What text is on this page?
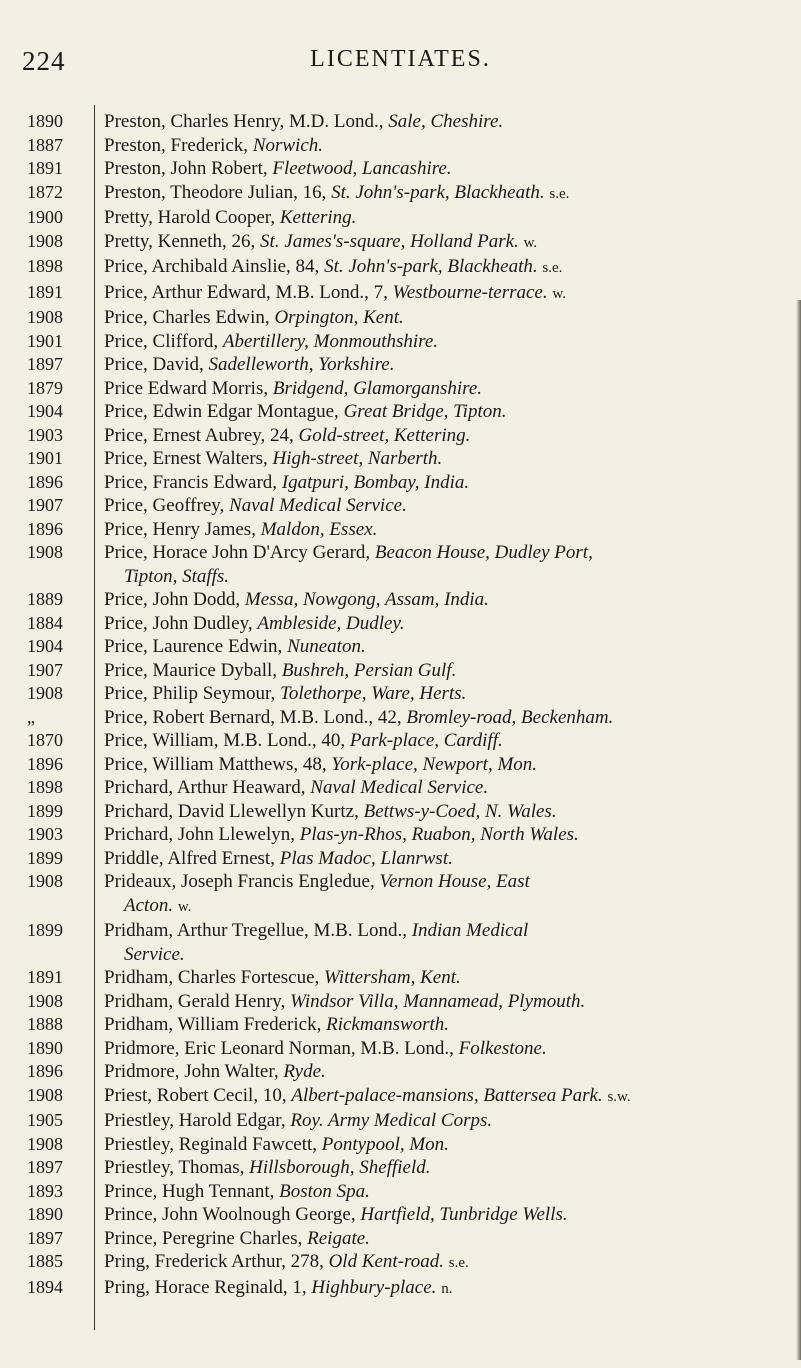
224	LICENTIATES.
1890	Preston, Charles Henry, M.D. Lond., Sale, Cheshire.
1887	Preston, Frederick, Norwich.
1891	Preston, John Robert, Fleetwood, Lancashire.
1872	Preston, Theodore Julian, 16, St. John's-park, Blackheath. s.e.
1900	Pretty, Harold Cooper, Kettering.
1908	Pretty, Kenneth, 26, St. James's-square, Holland Park. w.
1898	Price, Archibald Ainslie, 84, St. John's-park, Blackheath. s.e.
1891	Price, Arthur Edward, M.B. Lond., 7, Westbourne-terrace. w.
1908	Price, Charles Edwin, Orpington, Kent.
1901	Price, Clifford, Abertillery, Monmouthshire.
1897	Price, David, Sadelleworth, Yorkshire.
1879	Price Edward Morris, Bridgend, Glamorganshire.
1904	Price, Edwin Edgar Montague, Great Bridge, Tipton.
1903	Price, Ernest Aubrey, 24, Gold-street, Kettering.
1901	Price, Ernest Walters, High-street, Narberth.
1896	Price, Francis Edward, Igatpuri, Bombay, India.
1907	Price, Geoffrey, Naval Medical Service.
1896	Price, Henry James, Maldon, Essex.
1908	Price, Horace John D'Arcy Gerard, Beacon House, Dudley Port,
Tipton, Staffs.
1889	Price, John Dodd, Messa, Nowgong, Assam, India.
1884	Price, John Dudley, Ambleside, Dudley.
1904	Price, Laurence Edwin, Nuneaton.
1907	Price, Maurice Dyball, Bushreh, Persian Gulf.
1908	Price, Philip Seymour, Tolethorpe, Ware, Herts.
„	Price, Robert Bernard, M.B. Lond., 42, Bromley-road, Beckenham.
1870	Price, William, M.B. Lond., 40, Park-place, Cardiff.
1896	Price, William Matthews, 48, York-place, Newport, Mon.
1898	Prichard, Arthur Heaward, Naval Medical Service.
1899	Prichard, David Llewellyn Kurtz, Bettws-y-Coed, N. Wales.
1903	Prichard, John Llewelyn, Plas-yn-Rhos, Ruabon, North Wales.
1899	Priddle, Alfred Ernest, Plas Madoc, Llanrwst.
1908	Prideaux, Joseph Francis Engledue, Vernon House, East
Acton. w.
1899	Pridham, Arthur Tregellue, M.B. Lond., Indian Medical
Service.
1891	Pridham, Charles Fortescue, Wittersham, Kent.
1908	Pridham, Gerald Henry, Windsor Villa, Mannamead, Plymouth.
1888	Pridham, William Frederick, Rickmansworth.
1890	Pridmore, Eric Leonard Norman, M.B. Lond., Folkestone.
1896	Pridmore, John Walter, Ryde.
1908	Priest, Robert Cecil, 10, Albert-palace-mansions, Battersea Park. s.w.
1905	Priestley, Harold Edgar, Roy. Army Medical Corps.
1908	Priestley, Reginald Fawcett, Pontypool, Mon.
1897	Priestley, Thomas, Hillsborough, Sheffield.
1893	Prince, Hugh Tennant, Boston Spa.
1890	Prince, John Woolnough George, Hartfield, Tunbridge Wells.
1897	Prince, Peregrine Charles, Reigate.
1885	Pring, Frederick Arthur, 278, Old Kent-road. s.e.
1894	Pring, Horace Reginald, 1, Highbury-place. n.
